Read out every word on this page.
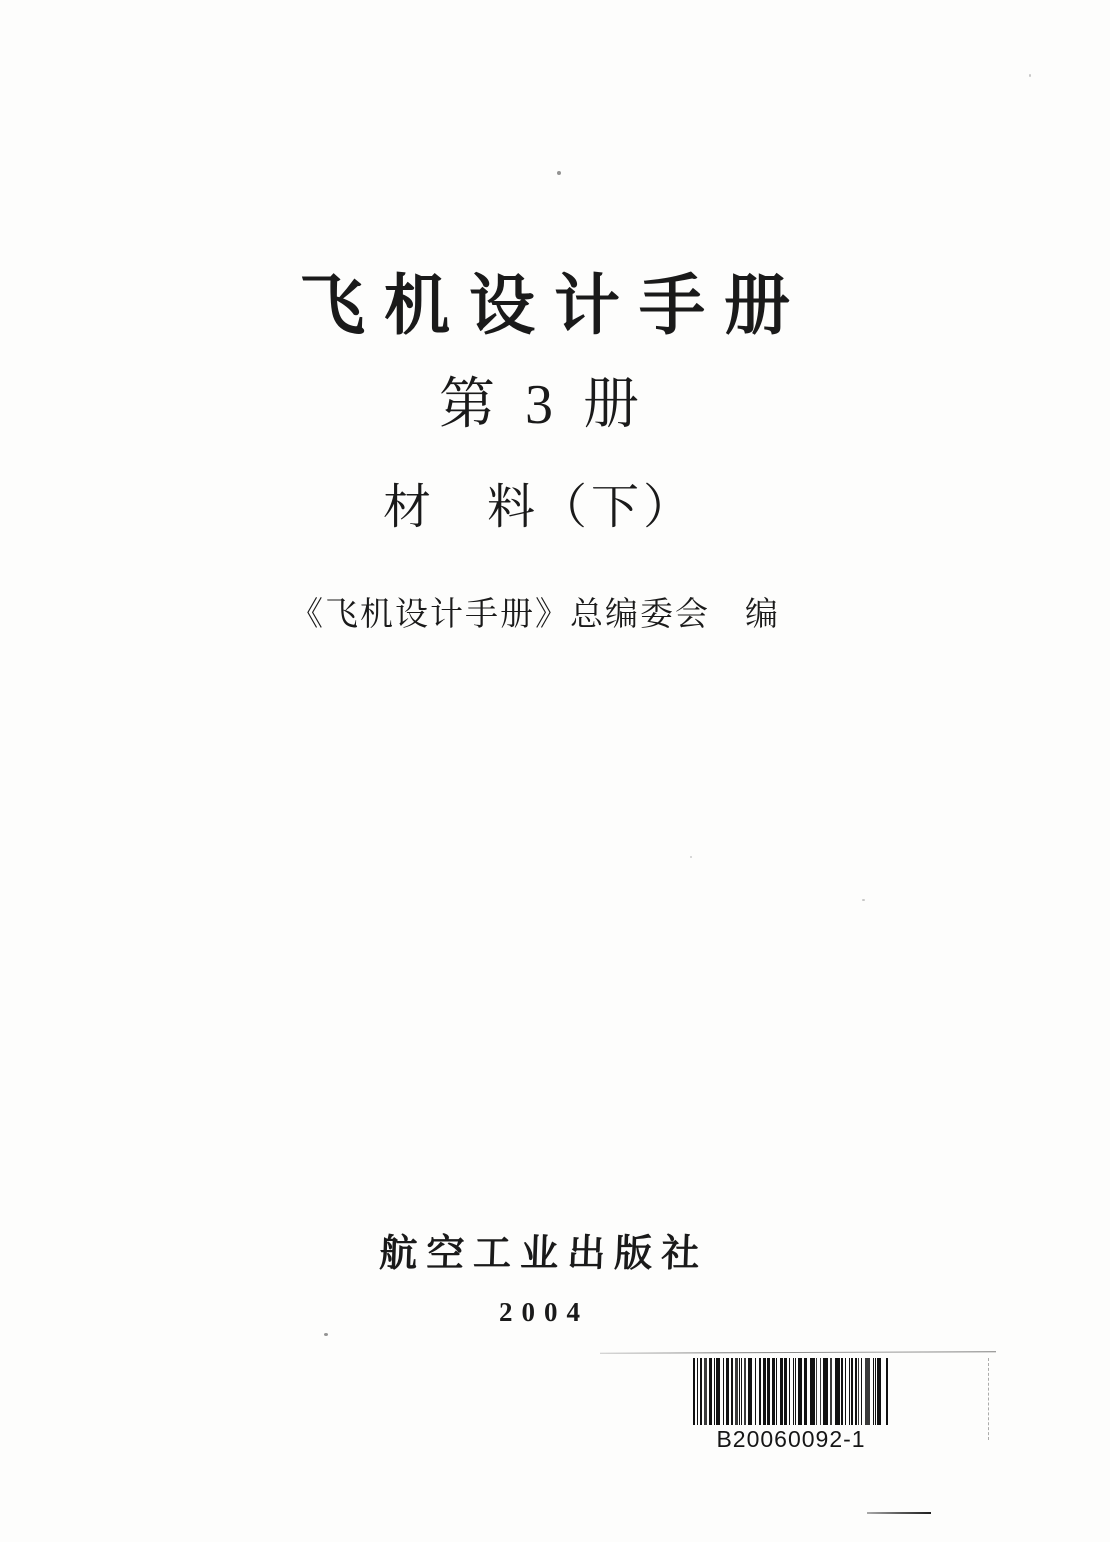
飞机设计手册
第 3 册
材　料（下）
《飞机设计手册》总编委会　编
航空工业出版社
2004
B20060092-1
